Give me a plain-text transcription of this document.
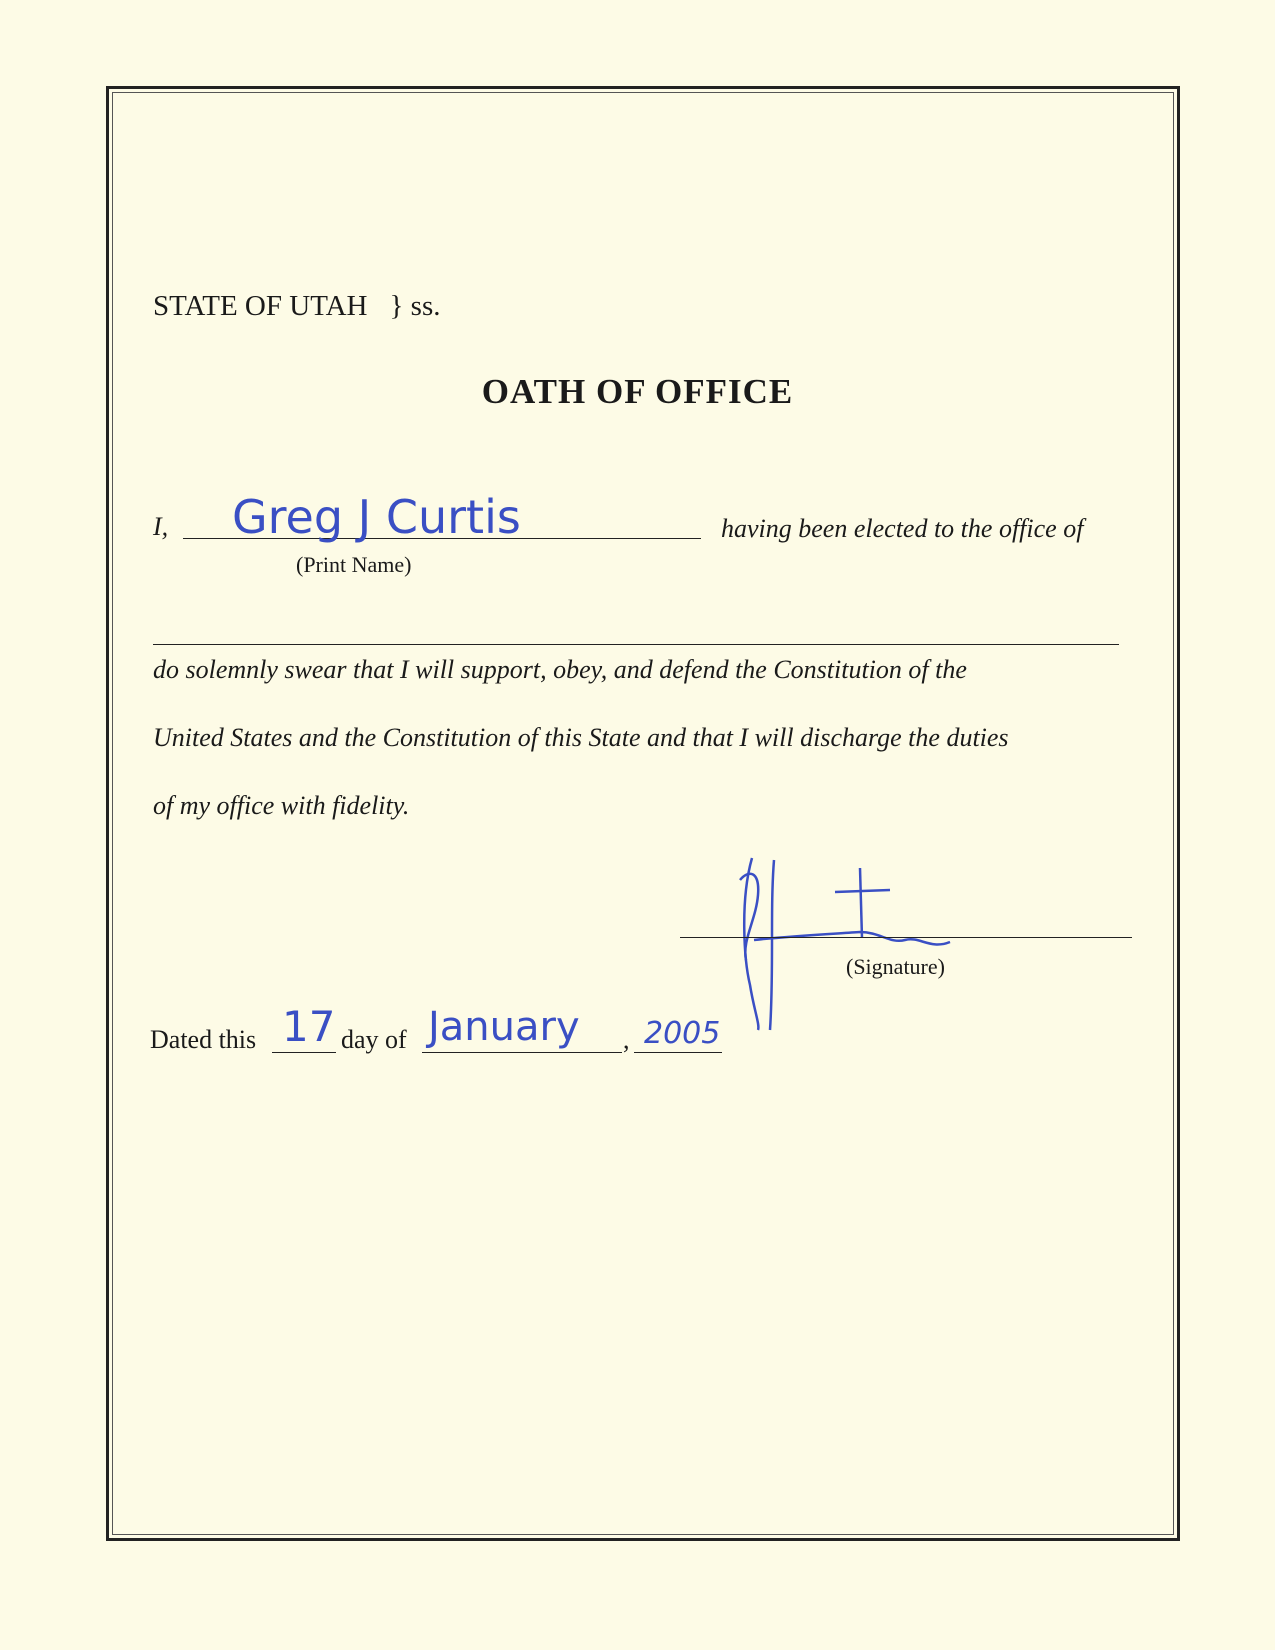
STATE OF UTAH } ss.
OATH OF OFFICE
I, Greg J Curtis
(Print Name)
having been elected to the office of
do solemnly swear that I will support, obey, and defend the Constitution of the
United States and the Constitution of this State and that I will discharge the duties
of my office with fidelity.
(Signature)
Dated this 17 day of January , 2005
